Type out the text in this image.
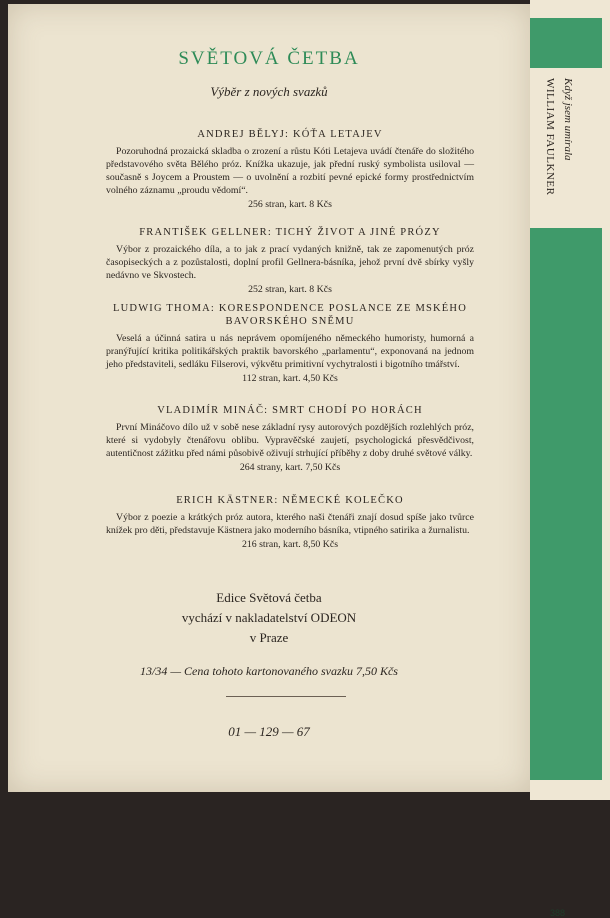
SVĚTOVÁ ČETBA
Výběr z nových svazků
ANDREJ BĚLYJ: KÓŤA LETAJEV

Pozoruhodná prozaická skladba o zrození a růstu Kóti Letajeva uvádí čtenáře do složitého představového světa Bělého próz. Knížka ukazuje, jak přední ruský symbolista usiloval — současně s Joycem a Proustem — o uvolnění a rozbití pevné epické formy prostřednictvím volného záznamu „proudu vědomí“.

256 stran, kart. 8 Kčs
FRANTIŠEK GELLNER: TICHÝ ŽIVOT A JINÉ PRÓZY

Výbor z prozaického díla, a to jak z prací vydaných knižně, tak ze zapomenutých próz časopiseckých a z pozůstalosti, doplní profil Gellnera-básníka, jehož první dvě sbírky vyšly nedávno ve Skvostech.

252 stran, kart. 8 Kčs
LUDWIG THOMA: KORESPONDENCE POSLANCE ZE MSKÉHO BAVORSKÉHO SNĚMU

Veselá a účinná satira u nás neprávem opomíjeného německého humoristy, humorná a pranýřující kritika politikářských praktik bavorského „parlamentu“, exponovaná na jednom jeho představiteli, sedláku Filserovi, výkvětu primitivní vychytralosti i bigotního tmářství.

112 stran, kart. 4,50 Kčs
VLADIMÍR MINÁČ: SMRT CHODÍ PO HORÁCH

První Mináčovo dílo už v sobě nese základní rysy autorových pozdějších rozlehlých próz, které si vydobyly čtenářovu oblibu. Vypravěčské zaujetí, psychologická přesvědčivost, autentičnost zážitku před námi působivě oživují strhující příběhy z doby druhé světové války.

264 strany, kart. 7,50 Kčs
ERICH KÄSTNER: NĚMECKÉ KOLEČKO

Výbor z poezie a krátkých próz autora, kterého naši čtenáři znají dosud spíše jako tvůrce knížek pro děti, představuje Kästnera jako moderního básníka, vtipného satirika a žurnalistu.

216 stran, kart. 8,50 Kčs
Edice Světová četba
vychází v nakladatelství ODEON
v Praze
13/34 — Cena tohoto kartonovaného svazku 7,50 Kčs
01 — 129 — 67
388
WILLIAM FAULKNER Když jsem umírala
